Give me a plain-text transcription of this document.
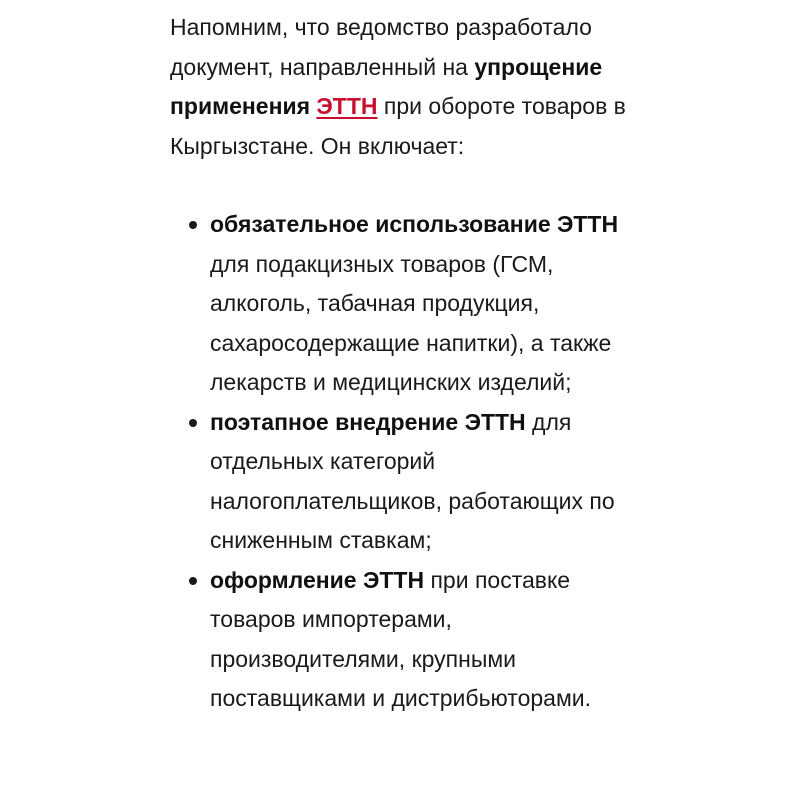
Напомним, что ведомство разработало документ, направленный на упрощение применения ЭТТН при обороте товаров в Кыргызстане. Он включает:

обязательное использование ЭТТН для подакцизных товаров (ГСМ, алкоголь, табачная продукция, сахаросодержащие напитки), а также лекарств и медицинских изделий;
поэтапное внедрение ЭТТН для отдельных категорий налогоплательщиков, работающих по сниженным ставкам;
оформление ЭТТН при поставке товаров импортерами, производителями, крупными поставщиками и дистрибьюторами.
